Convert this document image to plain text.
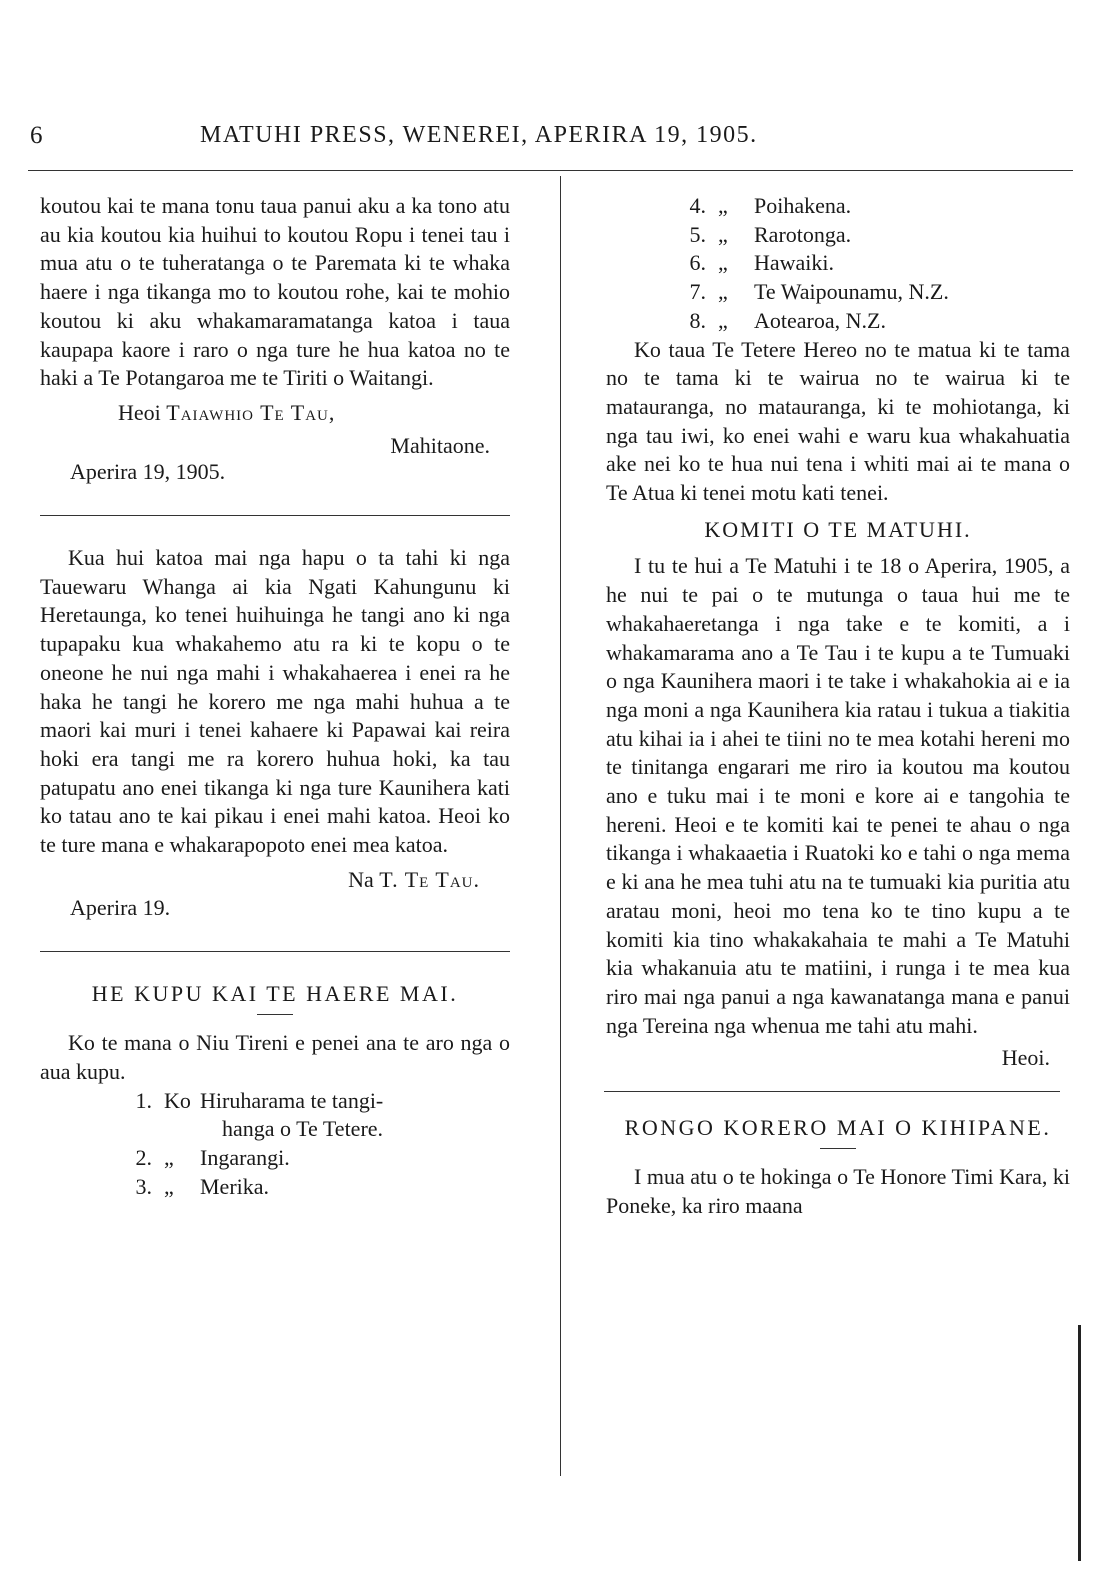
6	MATUHI PRESS, WENEREI, APERIRA 19, 1905.

koutou kai te mana tonu taua panui aku a ka tono atu au kia koutou kia huihui to koutou Ropu i tenei tau i mua atu o te tuheratanga o te Paremata ki te whaka haere i nga tikanga mo to koutou rohe, kai te mohio koutou ki aku whakamaramatanga katoa i taua kaupapa kaore i raro o nga ture he hua katoa no te haki a Te Potangaroa me te Tiriti o Waitangi.

Heoi Taiawhio Te Tau,
Mahitaone.
Aperira 19, 1905.

Kua hui katoa mai nga hapu o ta tahi ki nga Tauewaru Whanga ai kia Ngati Kahungunu ki Heretaunga, ko tenei huihuinga he tangi ano ki nga tupapaku kua whakahemo atu ra ki te kopu o te oneone he nui nga mahi i whakahaerea i enei ra he haka he tangi he korero me nga mahi huhua a te maori kai muri i tenei kahaere ki Papawai kai reira hoki era tangi me ra korero huhua hoki, ka tau patupatu ano enei tikanga ki nga ture Kaunihera kati ko tatau ano te kai pikau i enei mahi katoa. Heoi ko te ture mana e whakarapopoto enei mea katoa.

Na T. Te Tau.
Aperira 19.

HE KUPU KAI TE HAERE MAI.

Ko te mana o Niu Tireni e penei ana te aro nga o aua kupu.

1. Ko Hiruharama te tangi-
hanga o Te Tetere.
2. „	Ingarangi.
3. „	Merika.
4. „	Poihakena.
5. „	Rarotonga.
6. „	Hawaiki.
7. „	Te Waipounamu, N.Z.
8. „	Aotearoa, N.Z.

Ko taua Te Tetere Hereo no te matua ki te tama no te tama ki te wairua no te wairua ki te matauranga, no matauranga, ki te mohiotanga, ki nga tau iwi, ko enei wahi e waru kua whakahuatia ake nei ko te hua nui tena i whiti mai ai te mana o Te Atua ki tenei motu kati tenei.

KOMITI O TE MATUHI.

I tu te hui a Te Matuhi i te 18 o Aperira, 1905, a he nui te pai o te mutunga o taua hui me te whakahaeretanga i nga take e te komiti, a i whakamarama ano a Te Tau i te kupu a te Tumuaki o nga Kaunihera maori i te take i whakahokia ai e ia nga moni a nga Kaunihera kia ratau i tukua a tiakitia atu kihai ia i ahei te tiini no te mea kotahi hereni mo te tinitanga engarari me riro ia koutou ma koutou ano e tuku mai i te moni e kore ai e tangohia te hereni. Heoi e te komiti kai te penei te ahau o nga tikanga i whakaaetia i Ruatoki ko e tahi o nga mema e ki ana he mea tuhi atu na te tumuaki kia puritia atu aratau moni, heoi mo tena ko te tino kupu a te komiti kia tino whakakahaia te mahi a Te Matuhi kia whakanuia atu te matiini, i runga i te mea kua riro mai nga panui a nga kawanatanga mana e panui nga Tereina nga whenua me tahi atu mahi.

Heoi.

RONGO KORERO MAI O KIHIPANE.

I mua atu o te hokinga o Te Honore Timi Kara, ki Poneke, ka riro maana
